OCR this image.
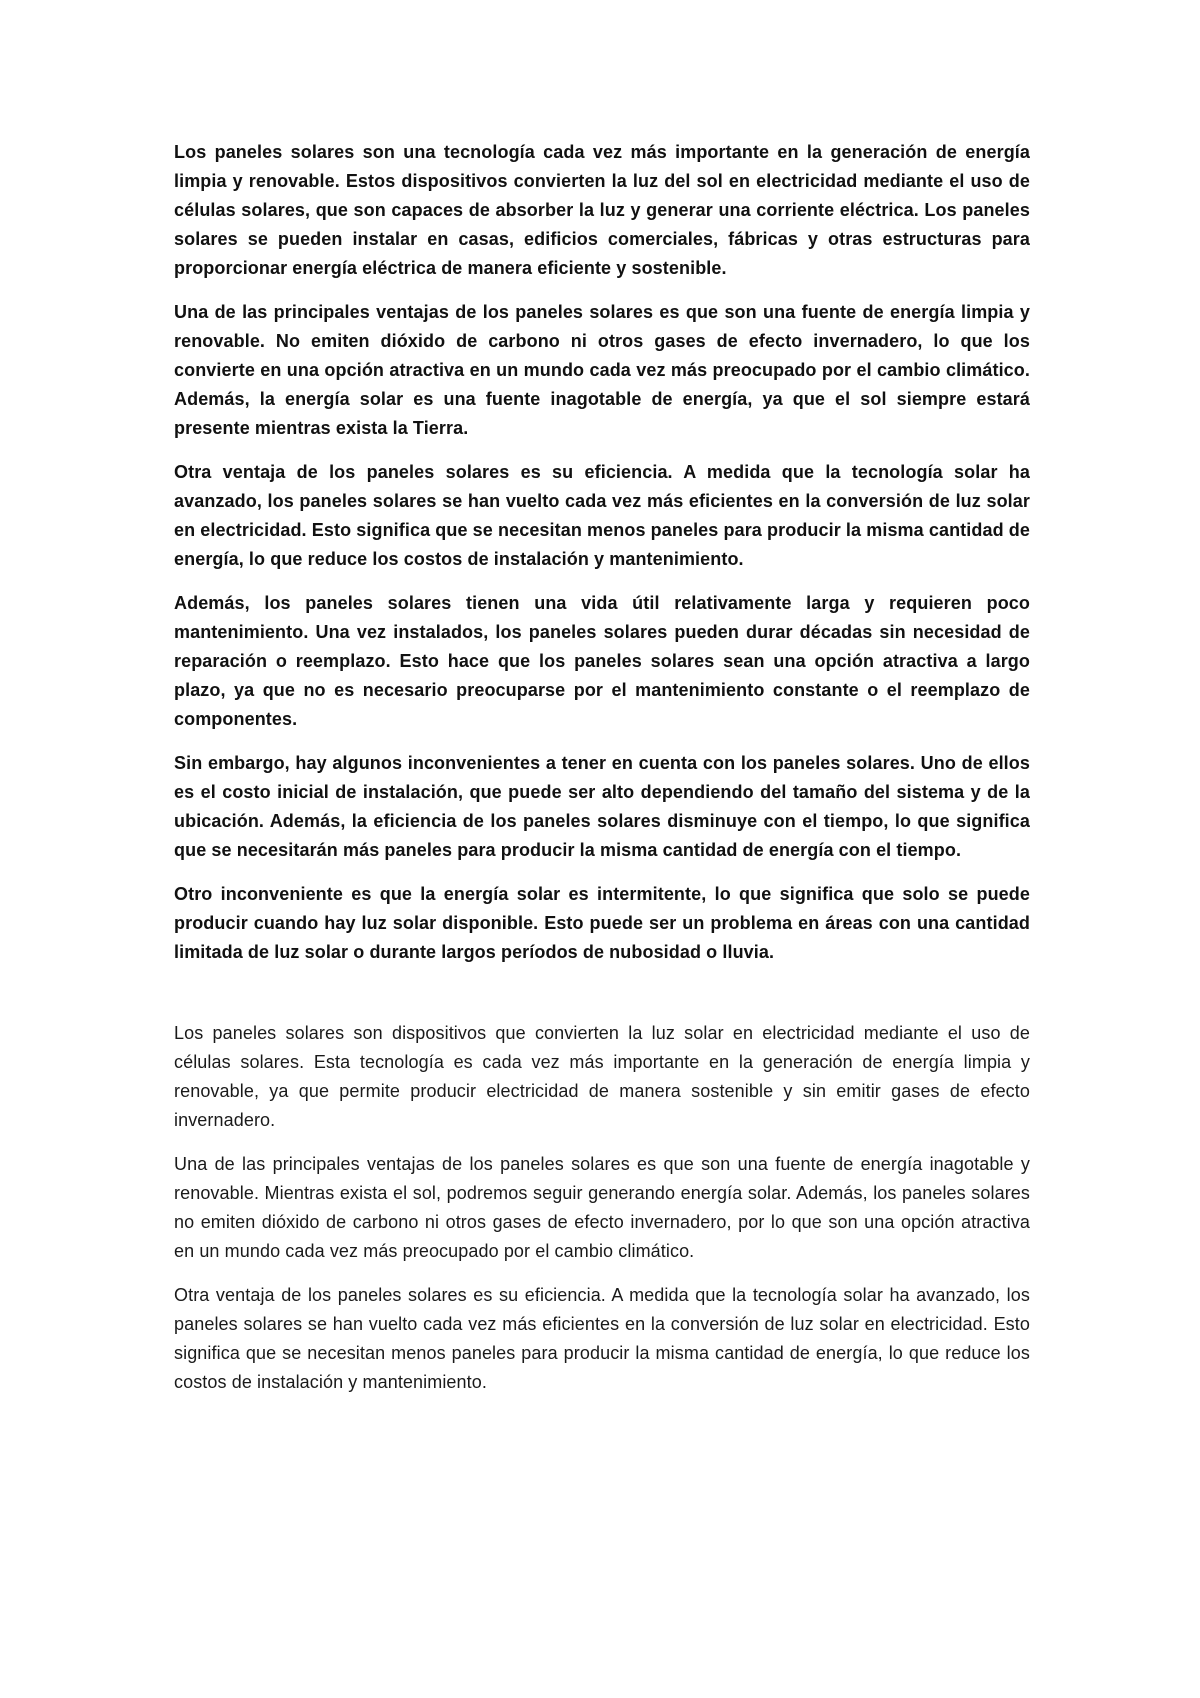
Los paneles solares son una tecnología cada vez más importante en la generación de energía limpia y renovable. Estos dispositivos convierten la luz del sol en electricidad mediante el uso de células solares, que son capaces de absorber la luz y generar una corriente eléctrica. Los paneles solares se pueden instalar en casas, edificios comerciales, fábricas y otras estructuras para proporcionar energía eléctrica de manera eficiente y sostenible.

Una de las principales ventajas de los paneles solares es que son una fuente de energía limpia y renovable. No emiten dióxido de carbono ni otros gases de efecto invernadero, lo que los convierte en una opción atractiva en un mundo cada vez más preocupado por el cambio climático. Además, la energía solar es una fuente inagotable de energía, ya que el sol siempre estará presente mientras exista la Tierra.

Otra ventaja de los paneles solares es su eficiencia. A medida que la tecnología solar ha avanzado, los paneles solares se han vuelto cada vez más eficientes en la conversión de luz solar en electricidad. Esto significa que se necesitan menos paneles para producir la misma cantidad de energía, lo que reduce los costos de instalación y mantenimiento.

Además, los paneles solares tienen una vida útil relativamente larga y requieren poco mantenimiento. Una vez instalados, los paneles solares pueden durar décadas sin necesidad de reparación o reemplazo. Esto hace que los paneles solares sean una opción atractiva a largo plazo, ya que no es necesario preocuparse por el mantenimiento constante o el reemplazo de componentes.

Sin embargo, hay algunos inconvenientes a tener en cuenta con los paneles solares. Uno de ellos es el costo inicial de instalación, que puede ser alto dependiendo del tamaño del sistema y de la ubicación. Además, la eficiencia de los paneles solares disminuye con el tiempo, lo que significa que se necesitarán más paneles para producir la misma cantidad de energía con el tiempo.

Otro inconveniente es que la energía solar es intermitente, lo que significa que solo se puede producir cuando hay luz solar disponible. Esto puede ser un problema en áreas con una cantidad limitada de luz solar o durante largos períodos de nubosidad o lluvia.

Los paneles solares son dispositivos que convierten la luz solar en electricidad mediante el uso de células solares. Esta tecnología es cada vez más importante en la generación de energía limpia y renovable, ya que permite producir electricidad de manera sostenible y sin emitir gases de efecto invernadero.

Una de las principales ventajas de los paneles solares es que son una fuente de energía inagotable y renovable. Mientras exista el sol, podremos seguir generando energía solar. Además, los paneles solares no emiten dióxido de carbono ni otros gases de efecto invernadero, por lo que son una opción atractiva en un mundo cada vez más preocupado por el cambio climático.

Otra ventaja de los paneles solares es su eficiencia. A medida que la tecnología solar ha avanzado, los paneles solares se han vuelto cada vez más eficientes en la conversión de luz solar en electricidad. Esto significa que se necesitan menos paneles para producir la misma cantidad de energía, lo que reduce los costos de instalación y mantenimiento.
